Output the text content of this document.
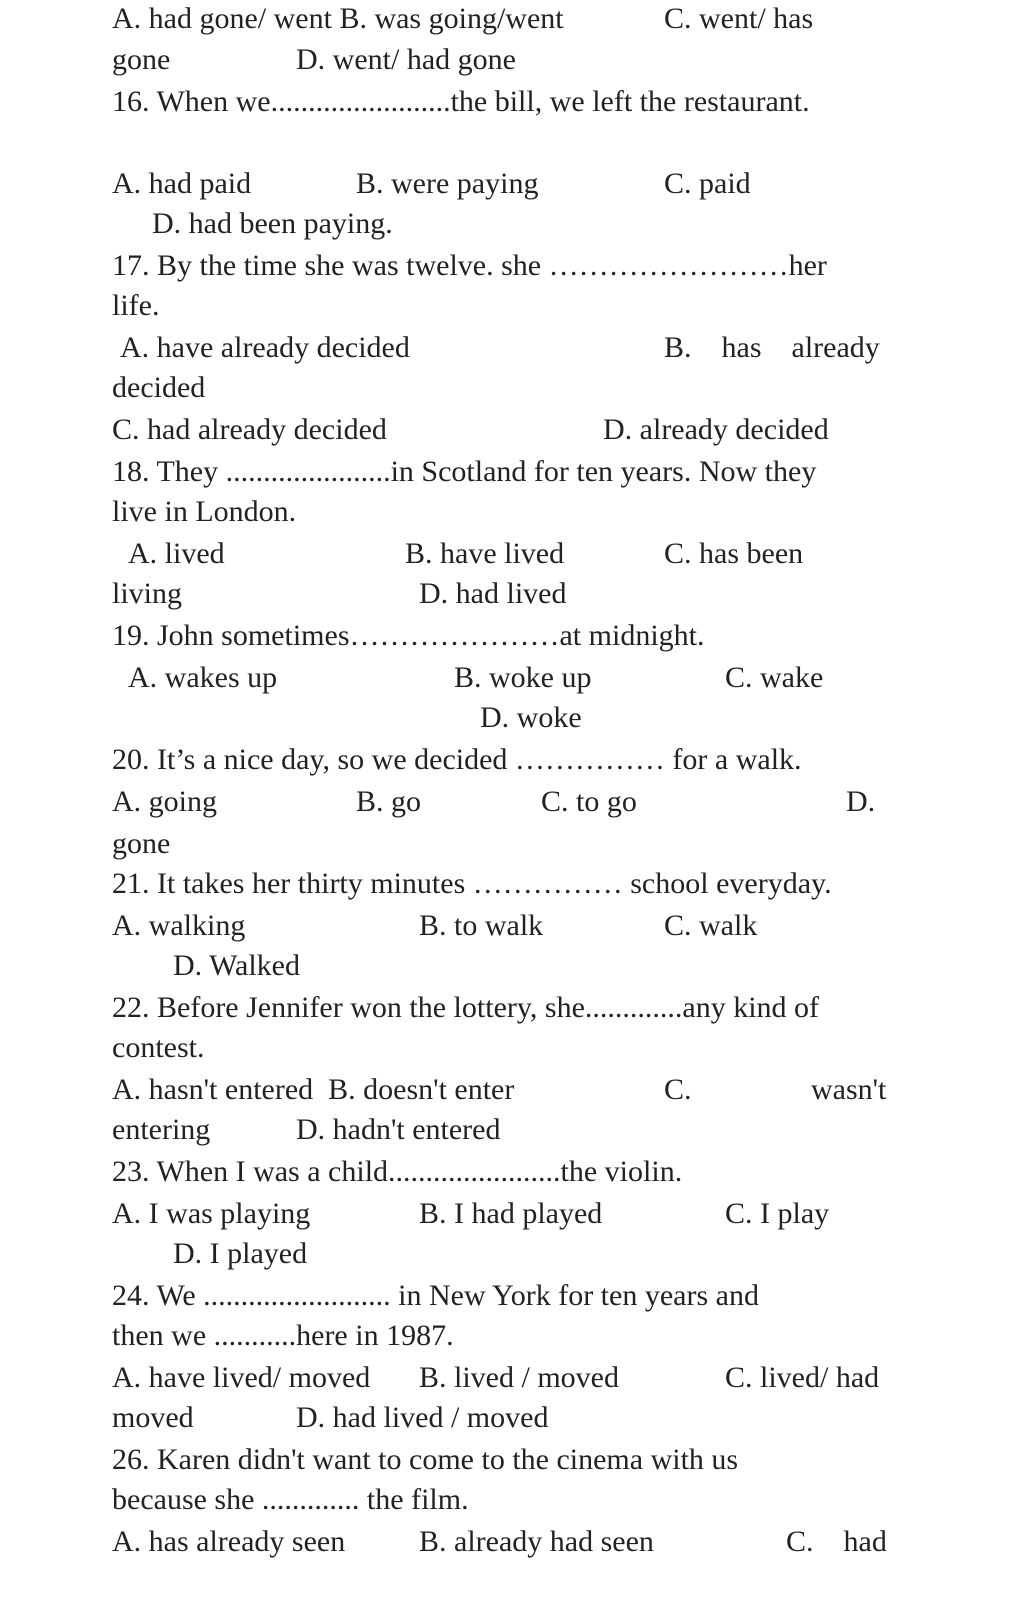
A. had gone/ went B. was going/went	C. went/ has
gone	D. went/ had gone
16. When we........................the bill, we left the restaurant.
A. had paid	B. were paying	C. paid
D. had been paying.
17. By the time she was twelve. she ……………………her
life.
A. have already decided	B.    has    already
decided
C. had already decided	D. already decided
18. They ......................in Scotland for ten years. Now they
live in London.
A. lived	B. have lived	C. has been
living	D. had lived
19. John sometimes…………………at midnight.
A. wakes up	B. woke up	C. wake
D. woke
20. It’s a nice day, so we decided …………… for a walk.
A. going	B. go	C. to go	D.
gone
21. It takes her thirty minutes …………… school everyday.
A. walking	B. to walk	C. walk
D. Walked
22. Before Jennifer won the lottery, she.............any kind of
contest.
A. hasn't entered  B. doesn't enter	C.	wasn't
entering	D. hadn't entered
23. When I was a child.......................the violin.
A. I was playing	B. I had played	C. I play
D. I played
24. We ......................... in New York for ten years and
then we ...........here in 1987.
A. have lived/ moved B. lived / moved	C. lived/ had
moved	D. had lived / moved
26. Karen didn't want to come to the cinema with us
because she ............. the film.
A. has already seen B. already had seen	C.    had
